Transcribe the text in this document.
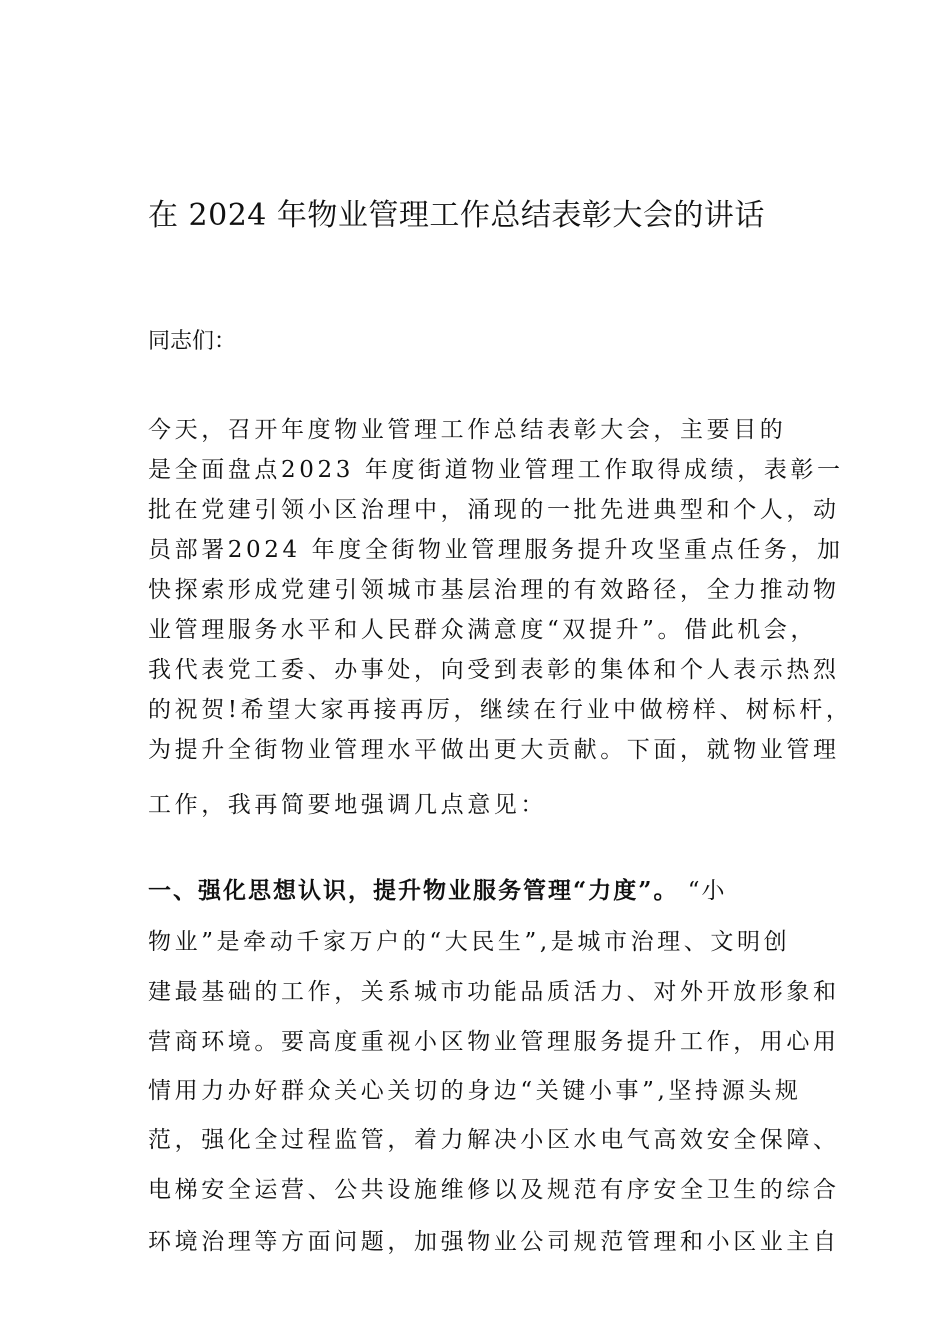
在 2024 年物业管理工作总结表彰大会的讲话
同志们：
今天，召开年度物业管理工作总结表彰大会，主要目的
是全面盘点2023 年度街道物业管理工作取得成绩，表彰一
批在党建引领小区治理中，涌现的一批先进典型和个人，动
员部署2024 年度全街物业管理服务提升攻坚重点任务，加
快探索形成党建引领城市基层治理的有效路径，全力推动物
业管理服务水平和人民群众满意度“双提升”。借此机会，
我代表党工委、办事处，向受到表彰的集体和个人表示热烈
的祝贺!希望大家再接再厉，继续在行业中做榜样、树标杆，
为提升全街物业管理水平做出更大贡献。下面，就物业管理
工作，我再简要地强调几点意见：
一、强化思想认识，提升物业服务管理“力度”。 “小
物业”是牵动千家万户的“大民生”,是城市治理、文明创
建最基础的工作，关系城市功能品质活力、对外开放形象和
营商环境。要高度重视小区物业管理服务提升工作，用心用
情用力办好群众关心关切的身边“关键小事”,坚持源头规
范，强化全过程监管，着力解决小区水电气高效安全保障、
电梯安全运营、公共设施维修以及规范有序安全卫生的综合
环境治理等方面问题，加强物业公司规范管理和小区业主自
